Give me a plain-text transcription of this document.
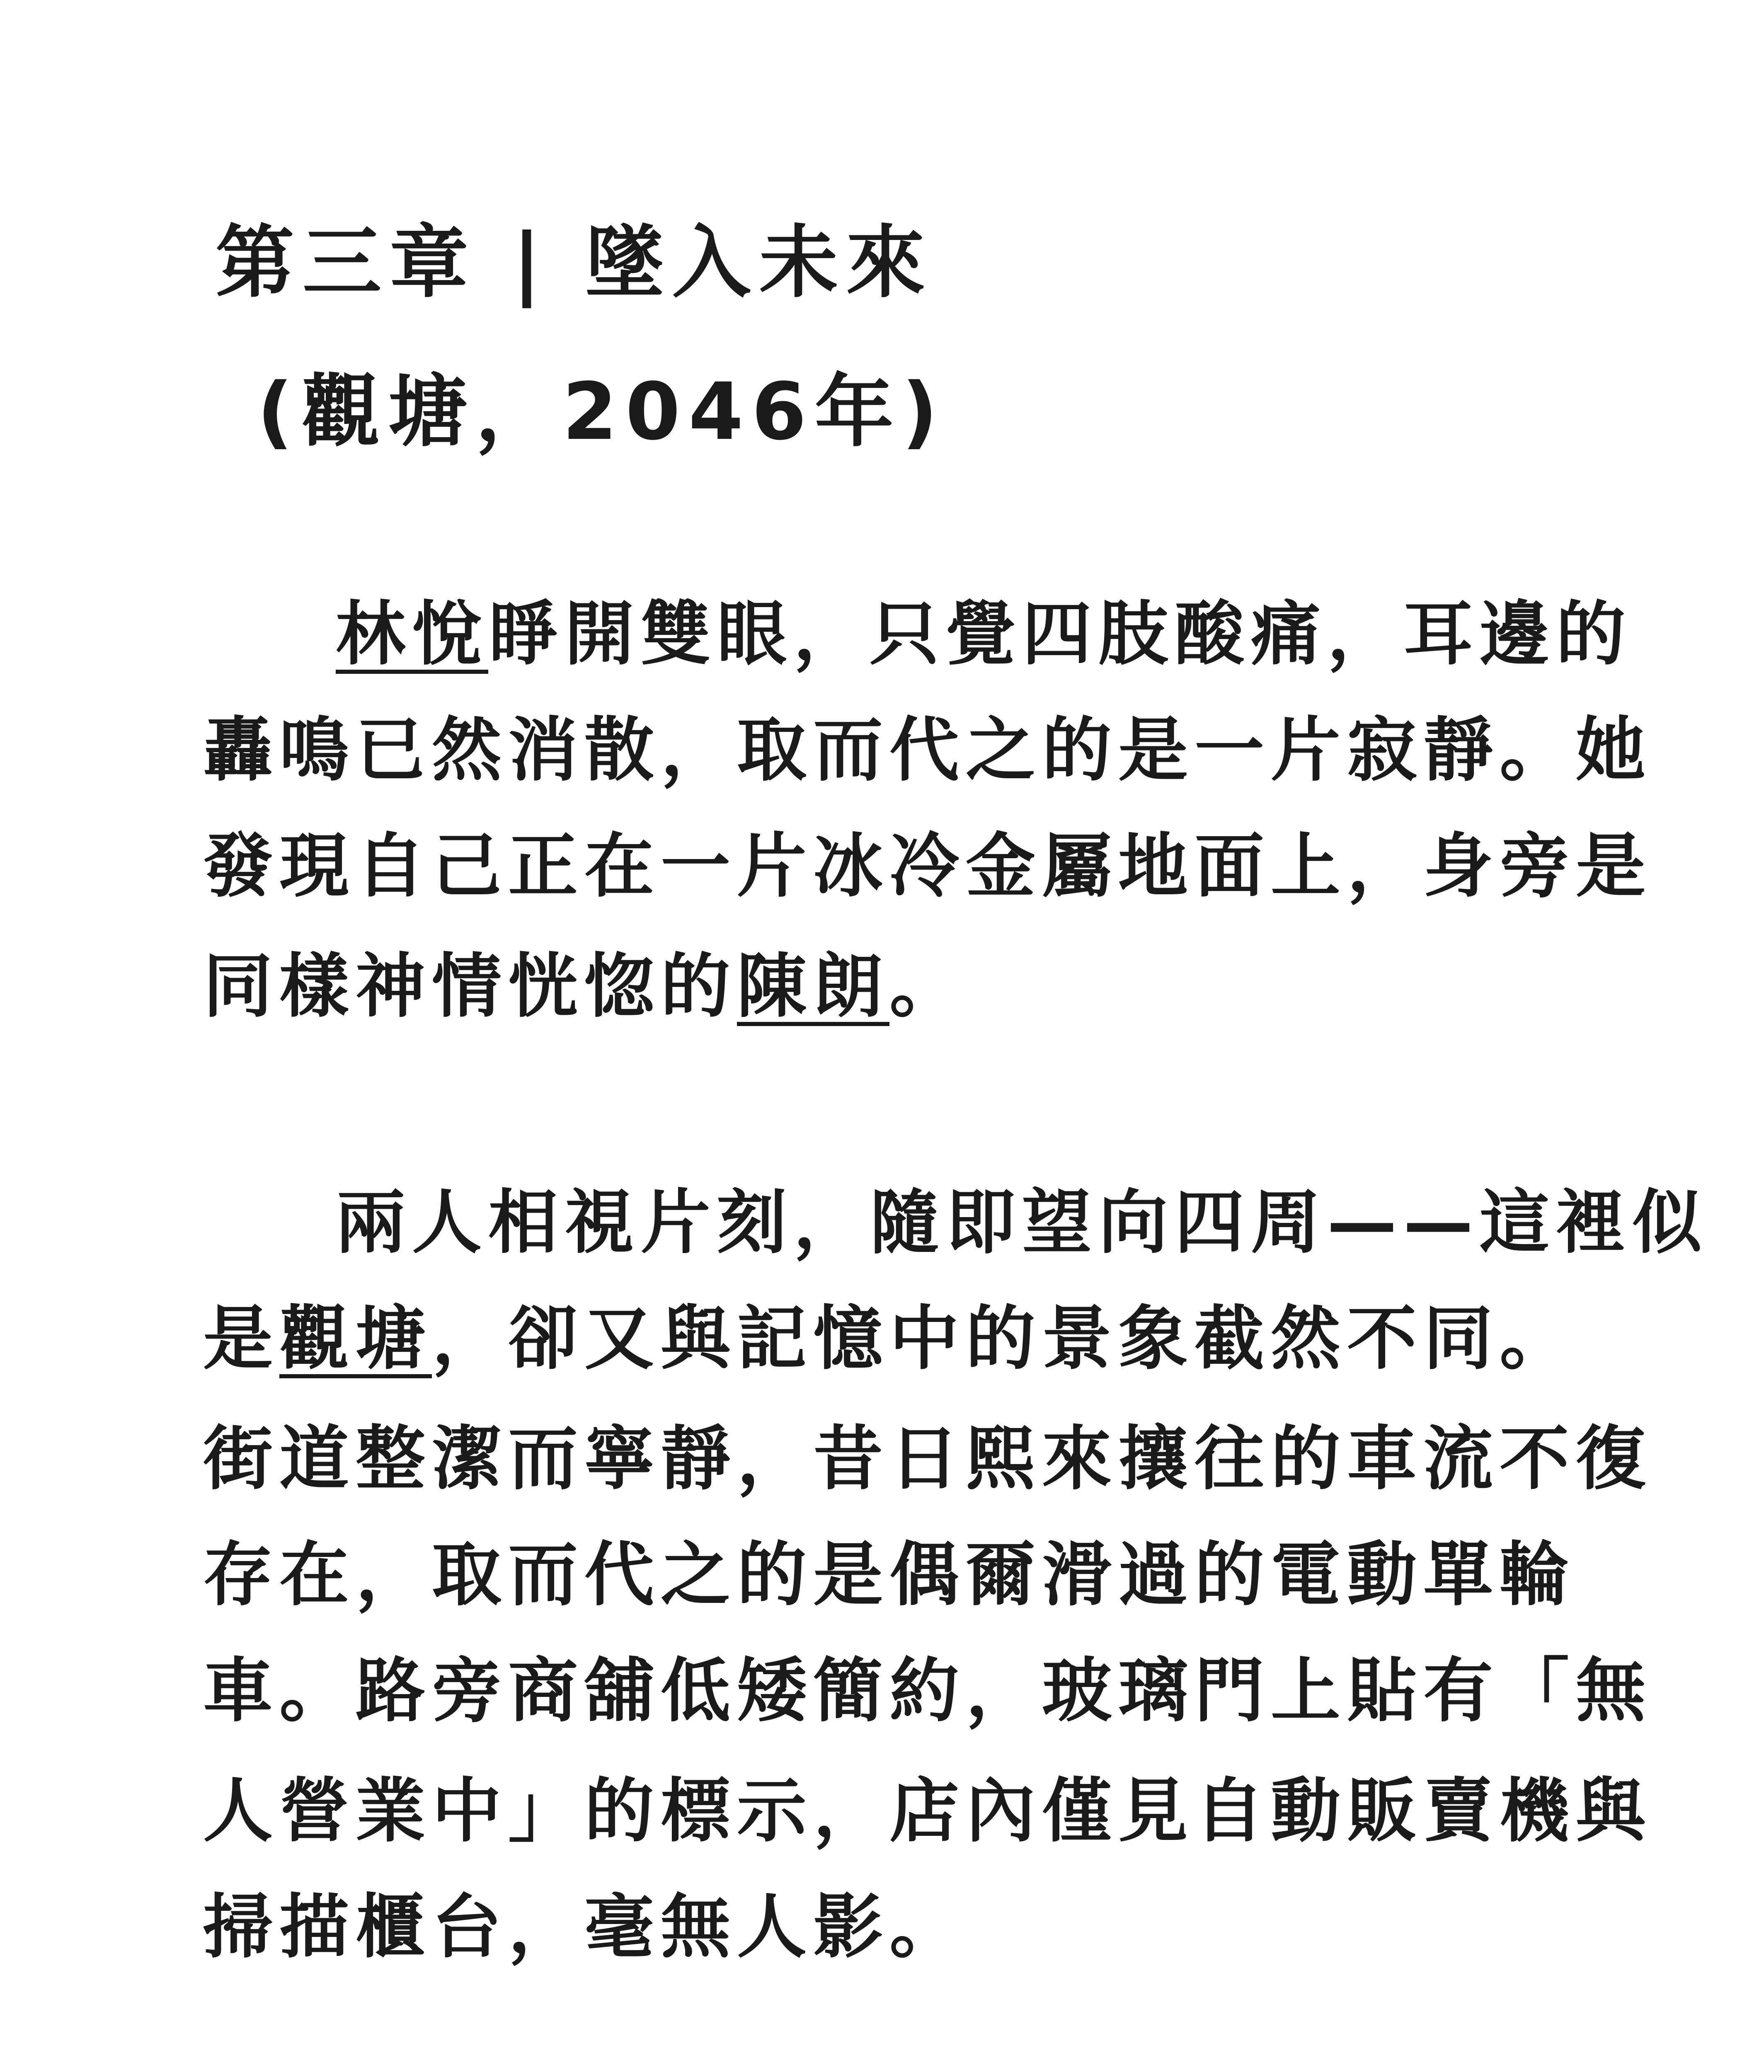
第三章 | 墜入未來
(觀塘，2046年)
林悅睜開雙眼，只覺四肢酸痛，耳邊的
轟鳴已然消散，取而代之的是一片寂靜。她
發現自己正在一片冰冷金屬地面上，身旁是
同樣神情恍惚的陳朗。
兩人相視片刻，隨即望向四周——這裡似
是觀塘，卻又與記憶中的景象截然不同。
街道整潔而寧靜，昔日熙來攘往的車流不復
存在，取而代之的是偶爾滑過的電動單輪
車。路旁商舖低矮簡約，玻璃門上貼有「無
人營業中」的標示，店內僅見自動販賣機與
掃描櫃台，毫無人影。
